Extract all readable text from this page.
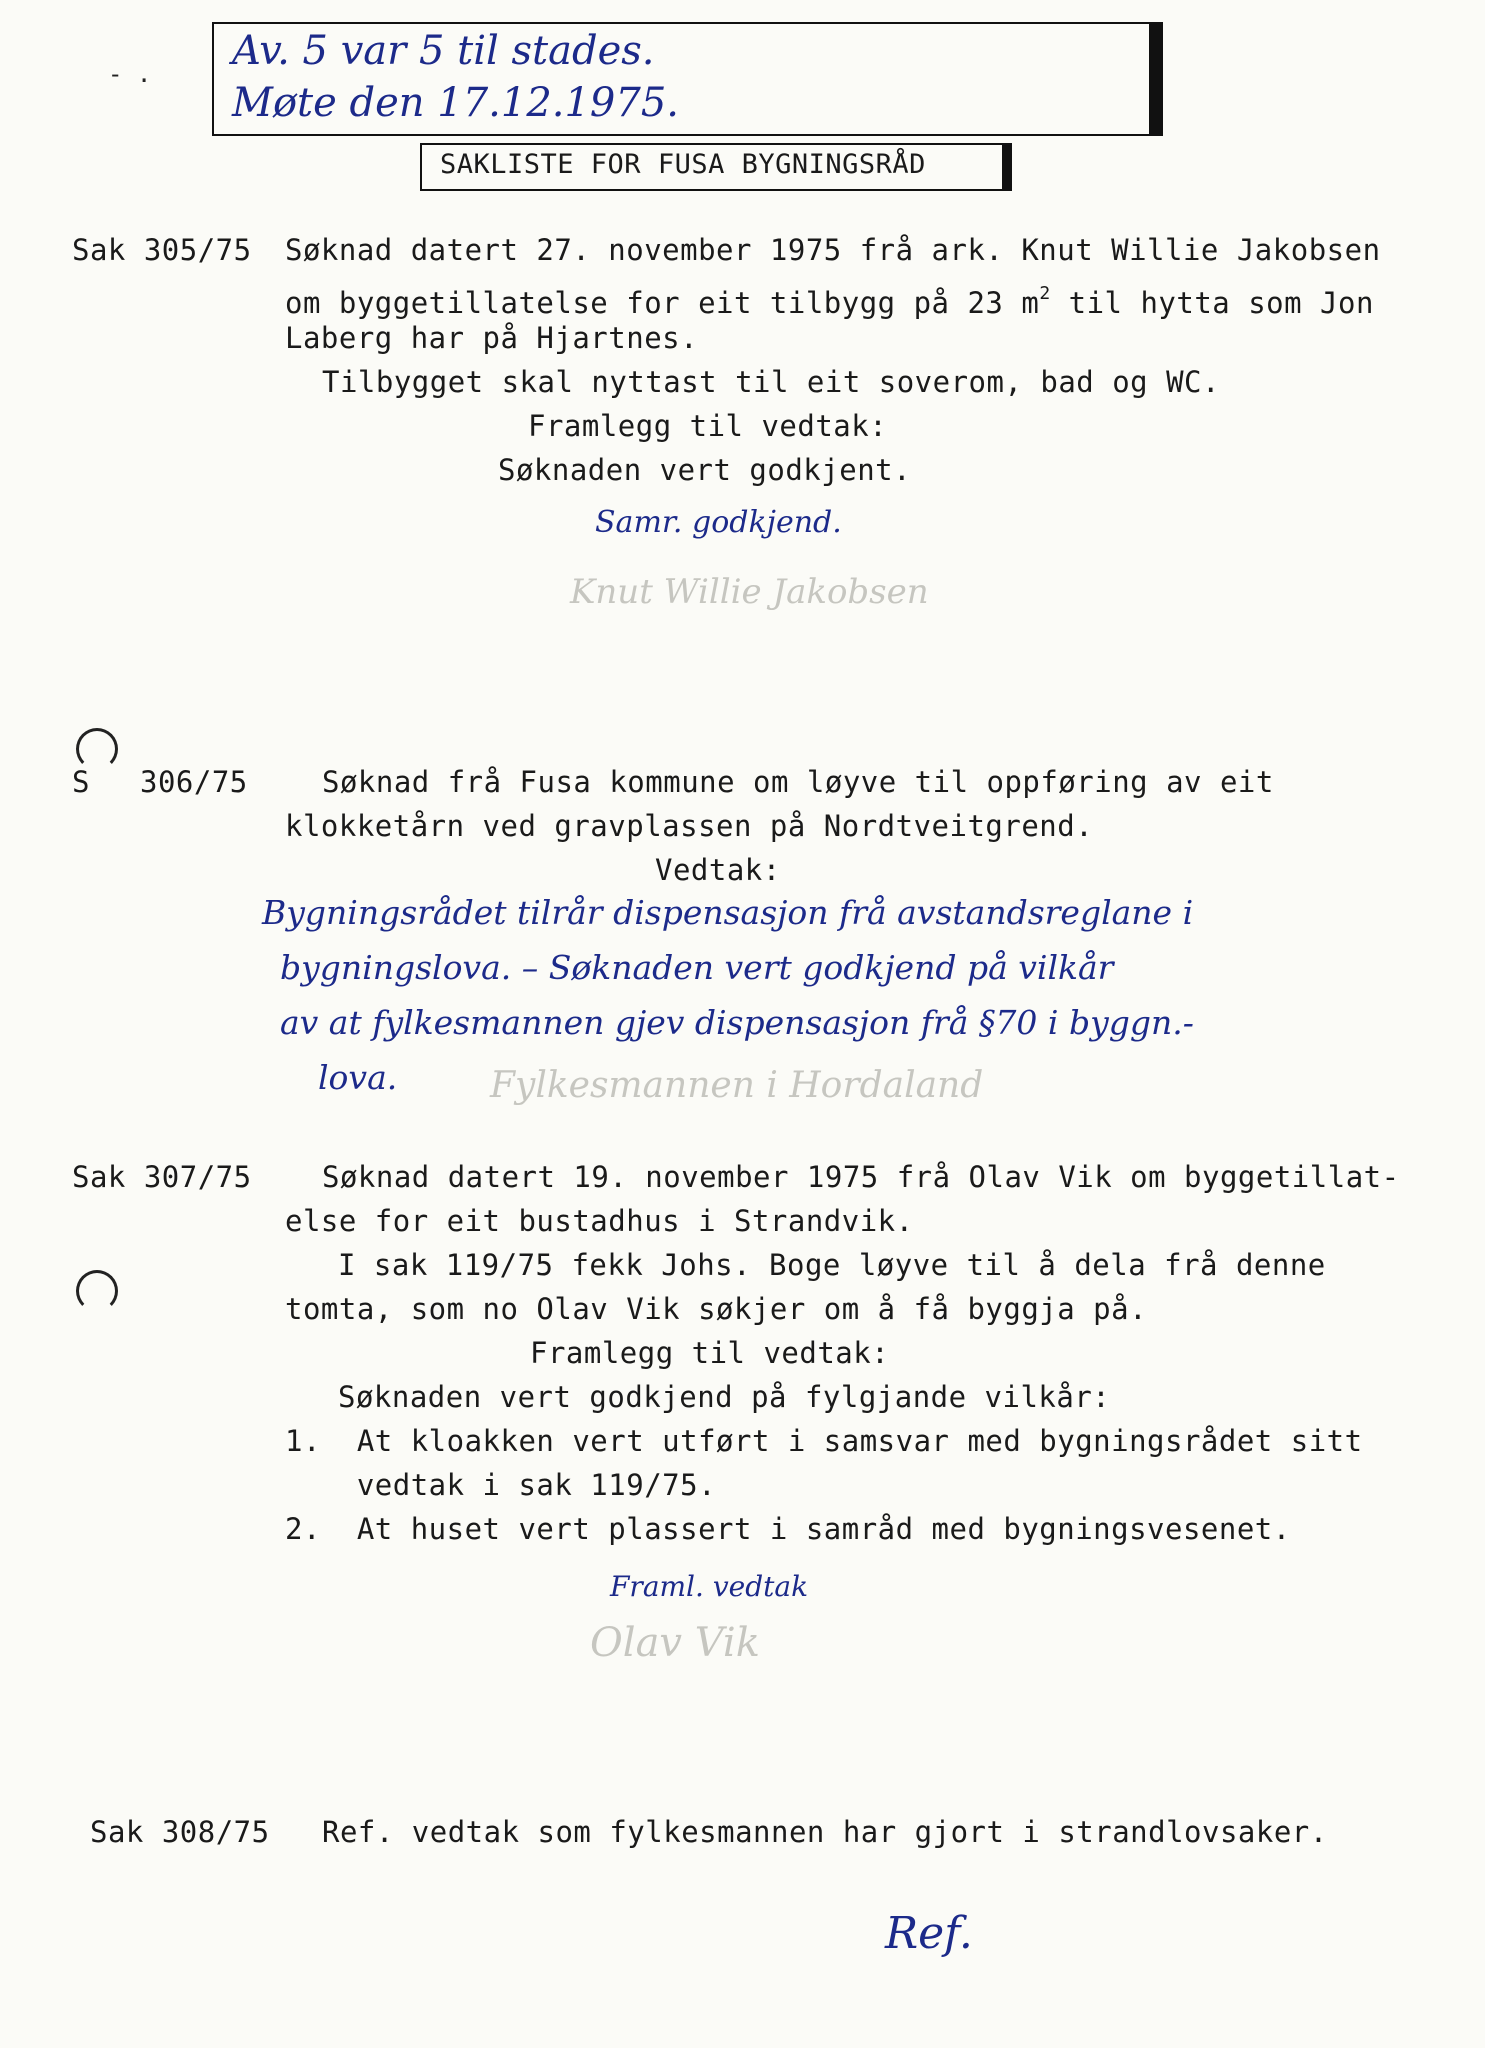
‑ . Av. 5 var 5 til stades.
Møte den 17.12.1975.
SAKLISTE FOR FUSA BYGNINGSRÅD
Sak 305/75 Søknad datert 27. november 1975 frå ark. Knut Willie Jakobsen
om byggetillatelse for eit tilbygg på 23 $m^2$ til hytta som Jon
Laberg har på Hjartnes.
Tilbygget skal nyttast til eit soverom, bad og WC.
Framlegg til vedtak:
Søknaden vert godkjent.
Samr. godkjend.
Knut Willie Jakobsen
S 306/75	Søknad frå Fusa kommune om løyve til oppføring av eit
klokketårn ved gravplassen på Nordtveitgrend.
Vedtak:
Bygningsrådet tilrår dispensasjon frå avstandsreglane i
bygningslova. – Søknaden vert godkjend på vilkår
av at fylkesmannen gjev dispensasjon frå §70 i byggn.-
lova.	Fylkesmannen i Hordaland
Sak 307/75 Søknad datert 19. november 1975 frå Olav Vik om byggetillat-
else for eit bustadhus i Strandvik.
I sak 119/75 fekk Johs. Boge løyve til å dela frå denne
tomta, som no Olav Vik søkjer om å få byggja på.
Framlegg til vedtak:
Søknaden vert godkjend på fylgjande vilkår:
1.  At kloakken vert utført i samsvar med bygningsrådet sitt
vedtak i sak 119/75.
2.  At huset vert plassert i samråd med bygningsvesenet.
Framl. vedtak
Olav Vik
Sak 308/75 Ref. vedtak som fylkesmannen har gjort i strandlovsaker.
Ref.
